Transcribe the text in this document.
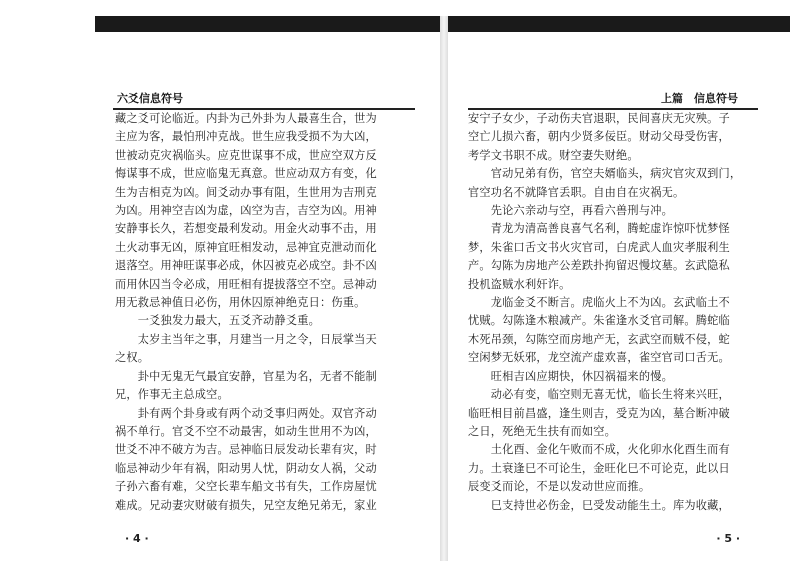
六爻信息符号

藏之爻可论临近。内卦为己外卦为人最喜生合，世为

主应为客，最怕刑冲克战。世生应我受损不为大凶，

世被动克灾祸临头。应克世谋事不成，世应空双方反

悔谋事不成，世应临鬼无真意。世应动双方有变，化

生为吉相克为凶。间爻动办事有阻，生世用为吉刑克

为凶。用神空吉凶为虚，凶空为吉，吉空为凶。用神

安静事长久，若想变最利发动。用金火动事不击，用

土火动事无凶，原神宜旺相发动，忌神宜克泄动而化

退落空。用神旺谋事必成，休囚被克必成空。卦不凶

而用休囚当令必成，用旺相有提拔落空不空。忌神动

用无救忌神值日必伤，用休囚原神绝克日：伤重。

　　一爻独发力最大，五爻齐动静爻重。

　　太岁主当年之事，月建当一月之令，日辰掌当天

之权。

　　卦中无鬼无气最宜安静，官星为名，无者不能制

兄，作事无主总成空。

　　卦有两个卦身或有两个动爻事归两处。双官齐动

祸不单行。官爻不空不动最害，如动生世用不为凶，

世爻不冲不破方为吉。忌神临日辰发动长辈有灾，时

临忌神动少年有祸，阳动男人忧，阴动女人祸，父动

子孙六畜有难，父空长辈车船文书有失，工作房屋忧

难成。兄动妻灾财破有损失，兄空友绝兄弟无，家业

· 4 ·
上篇　信息符号

安宁子女少，子动伤夫官退职，民间喜庆无灾殃。子

空亡儿损六畜，朝内少贤多佞臣。财动父母受伤害，

考学文书职不成。财空妻失财绝。

　　官动兄弟有伤，官空夫婿临头，病灾官灾双到门，

官空功名不就降官丢职。自由自在灾祸无。

　　先论六亲动与空，再看六兽刑与冲。

　　青龙为清高善良喜气名利，腾蛇虚诈惊吓忧梦怪

梦，朱雀口舌文书火灾官司，白虎武人血灾孝服利生

产。勾陈为房地产公差跌扑拘留迟慢坟墓。玄武隐私

投机盗贼水利奸诈。

　　龙临金爻不断言。虎临火上不为凶。玄武临土不

忧贼。勾陈逢木粮减产。朱雀逢水爻官司解。腾蛇临

木死吊颈，勾陈空而房地产无，玄武空而贼不侵，蛇

空闲梦无妖邪，龙空流产虚欢喜，雀空官司口舌无。

　　旺相吉凶应期快，休囚祸福来的慢。

　　动必有变，临空则无喜无忧，临长生将来兴旺，

临旺相目前昌盛，逢生则吉，受克为凶，墓合断冲破

之日，死绝无生扶有而如空。

　　土化酉、金化午败而不成，火化卯水化酉生而有

力。土衰逢巳不可论生，金旺化巳不可论克，此以日

辰变爻而论，不是以发动世应而推。

　　巳支持世必伤金，巳受发动能生土。库为收藏，

· 5 ·
